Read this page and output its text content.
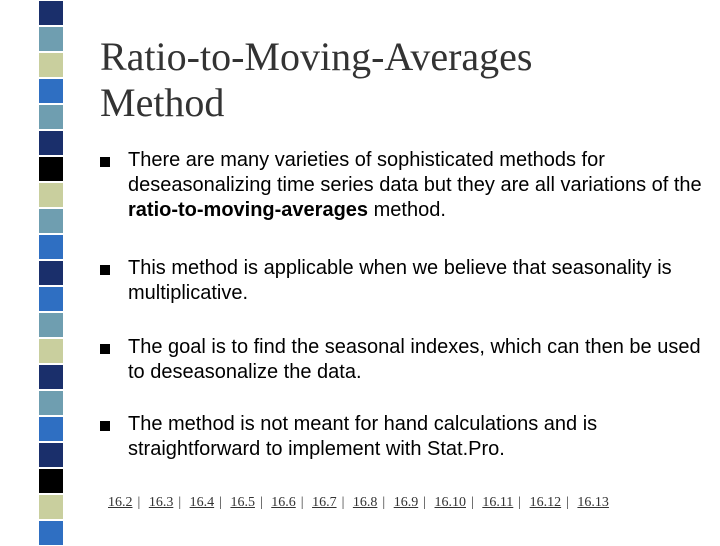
Ratio-to-Moving-Averages
Method
There are many varieties of sophisticated methods for deseasonalizing time series data but they are all variations of the ratio-to-moving-averages method.
This method is applicable when we believe that seasonality is multiplicative.
The goal is to find the seasonal indexes, which can then be used to deseasonalize the data.
The method is not meant for hand calculations and is straightforward to implement with Stat.Pro.
16.2 | 16.3 | 16.4 | 16.5 | 16.6 | 16.7 | 16.8 | 16.9 | 16.10 | 16.11 | 16.12 | 16.13
